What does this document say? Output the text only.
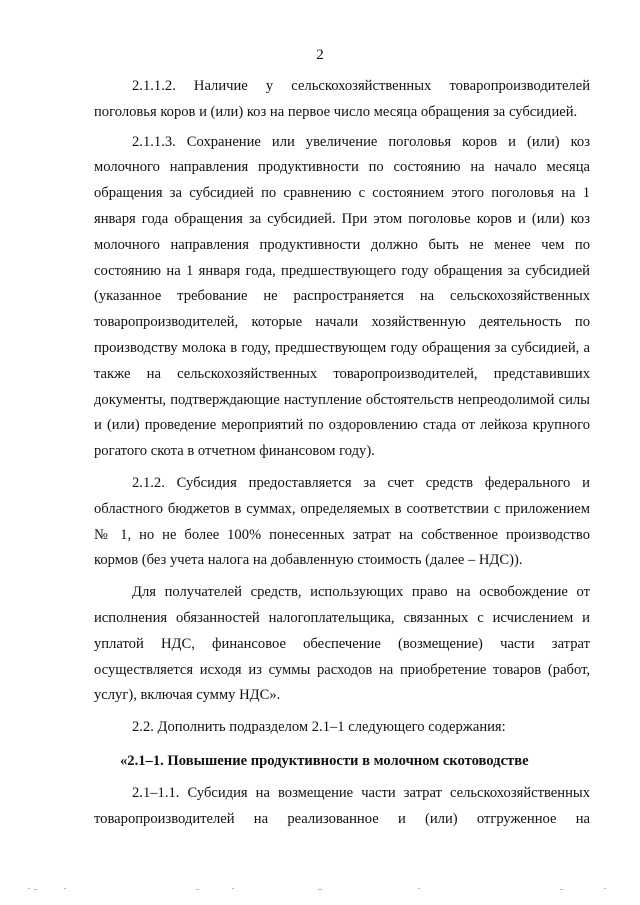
2

2.1.1.2. Наличие у сельскохозяйственных товаропроизводителей поголовья коров и (или) коз на первое число месяца обращения за субсидией.

2.1.1.3. Сохранение или увеличение поголовья коров и (или) коз молочного направления продуктивности по состоянию на начало месяца обращения за субсидией по сравнению с состоянием этого поголовья на 1 января года обращения за субсидией. При этом поголовье коров и (или) коз молочного направления продуктивности должно быть не менее чем по состоянию на 1 января года, предшествующего году обращения за субсидией (указанное требование не распространяется на сельскохозяйственных товаропроизводителей, которые начали хозяйственную деятельность по производству молока в году, предшествующем году обращения за субсидией, а также на сельскохозяйственных товаропроизводителей, представивших документы, подтверждающие наступление обстоятельств непреодолимой силы и (или) проведение мероприятий по оздоровлению стада от лейкоза крупного рогатого скота в отчетном финансовом году).

2.1.2. Субсидия предоставляется за счет средств федерального и областного бюджетов в суммах, определяемых в соответствии с приложением № 1, но не более 100% понесенных затрат на собственное производство кормов (без учета налога на добавленную стоимость (далее – НДС)).

Для получателей средств, использующих право на освобождение от исполнения обязанностей налогоплательщика, связанных с исчислением и уплатой НДС, финансовое обеспечение (возмещение) части затрат осуществляется исходя из суммы расходов на приобретение товаров (работ, услуг), включая сумму НДС».

2.2. Дополнить подразделом 2.1–1 следующего содержания:

«2.1–1. Повышение продуктивности в молочном скотоводстве

2.1–1.1. Субсидия на возмещение части затрат сельскохозяйственных товаропроизводителей на реализованное и (или) отгруженное на
